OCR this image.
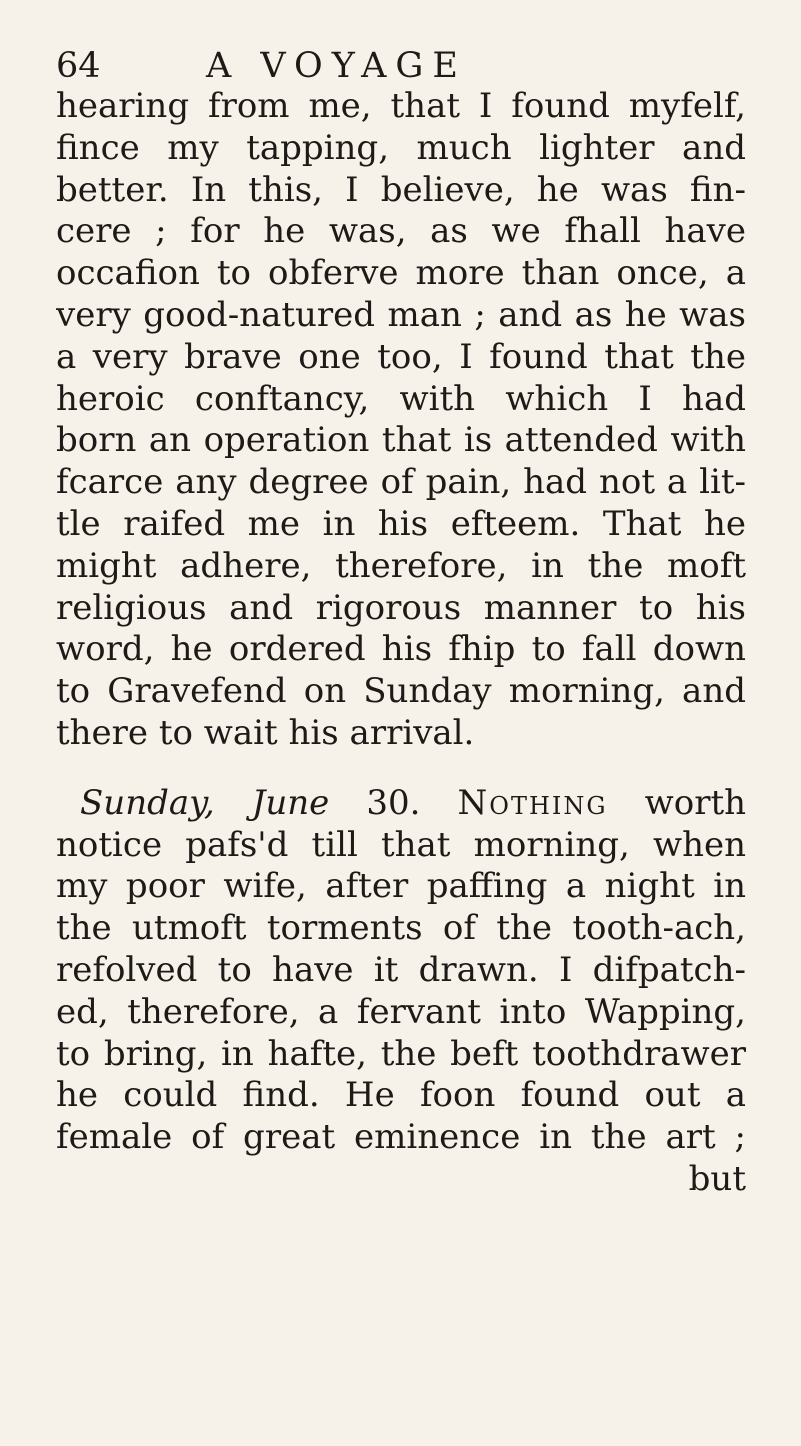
64	A VOYAGE
hearing from me, that I found myfelf,
fince my tapping, much lighter and
better. In this, I believe, he was fin-
cere ; for he was, as we fhall have
occafion to obferve more than once, a
very good-natured man ; and as he was
a very brave one too, I found that the
heroic conftancy, with which I had
born an operation that is attended with
fcarce any degree of pain, had not a lit-
tle raifed me in his efteem. That he
might adhere, therefore, in the moft
religious and rigorous manner to his
word, he ordered his fhip to fall down
to Gravefend on Sunday morning, and
there to wait his arrival.
Sunday, June 30. Nothing worth
notice pafs'd till that morning, when
my poor wife, after paffing a night in
the utmoft torments of the tooth-ach,
refolved to have it drawn. I difpatch-
ed, therefore, a fervant into Wapping,
to bring, in hafte, the beft toothdrawer
he could find. He foon found out a
female of great eminence in the art ;
but
